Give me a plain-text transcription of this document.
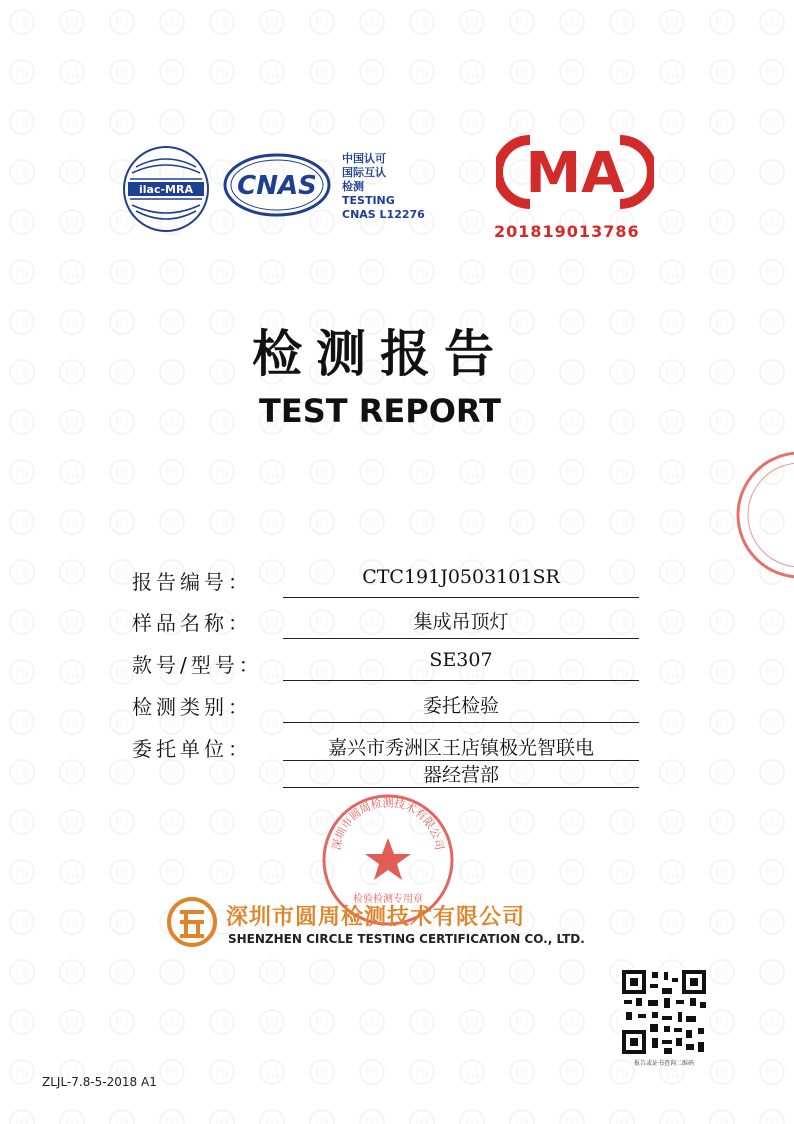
ilac-MRA CNAS
中国认可
国际互认
检测
TESTING
CNAS L12276
MA
201819013786
检测报告
TEST REPORT
报告编号：	CTC191J0503101SR
样品名称：	集成吊顶灯
款号/型号：	SE307
检测类别：	委托检验
委托单位：	嘉兴市秀洲区王店镇极光智联电
器经营部
深圳市圆周检测技术有限公司
检验检测专用章
深圳市圆周检测技术有限公司
SHENZHEN CIRCLE TESTING CERTIFICATION CO., LTD.
报告或证书查询二维码
ZLJL-7.8-5-2018 A1
